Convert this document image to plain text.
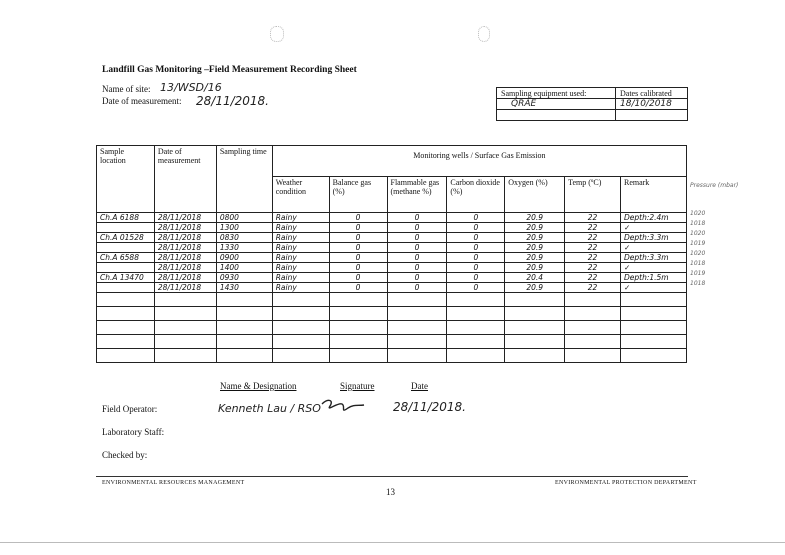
Landfill Gas Monitoring –Field Measurement Recording Sheet
Name of site: 13/WSD/16
Date of measurement: 28/11/2018.
Sampling equipment used:	Dates calibrated
QRAE	18/10/2018

Sample location	Date of measurement	Sampling time	Monitoring wells / Surface Gas Emission						
			Weather condition	Balance gas (%)	Flammable gas (methane %)	Carbon dioxide (%)	Oxygen (%)	Temp (ºC)	Remark
Ch.A 6188	28/11/2018	0800	Rainy	0	0	0	20.9	22	Depth:2.4m
	28/11/2018	1300	Rainy	0	0	0	20.9	22	✓
Ch.A 01528	28/11/2018	0830	Rainy	0	0	0	20.9	22	Depth:3.3m
	28/11/2018	1330	Rainy	0	0	0	20.9	22	✓
Ch.A 6588	28/11/2018	0900	Rainy	0	0	0	20.9	22	Depth:3.3m
	28/11/2018	1400	Rainy	0	0	0	20.9	22	✓
Ch.A 13470	28/11/2018	0930	Rainy	0	0	0	20.4	22	Depth:1.5m
	28/11/2018	1430	Rainy	0	0	0	20.9	22	✓

Pressure (mbar)
1020
1018
1020
1019
1020
1018
1019
1018
Name & Designation	Signature	Date
Field Operator:	Kenneth Lau / RSO	28/11/2018.
Laboratory Staff:
Checked by:
ENVIRONMENTAL RESOURCES MANAGEMENT	ENVIRONMENTAL PROTECTION DEPARTMENT
13
